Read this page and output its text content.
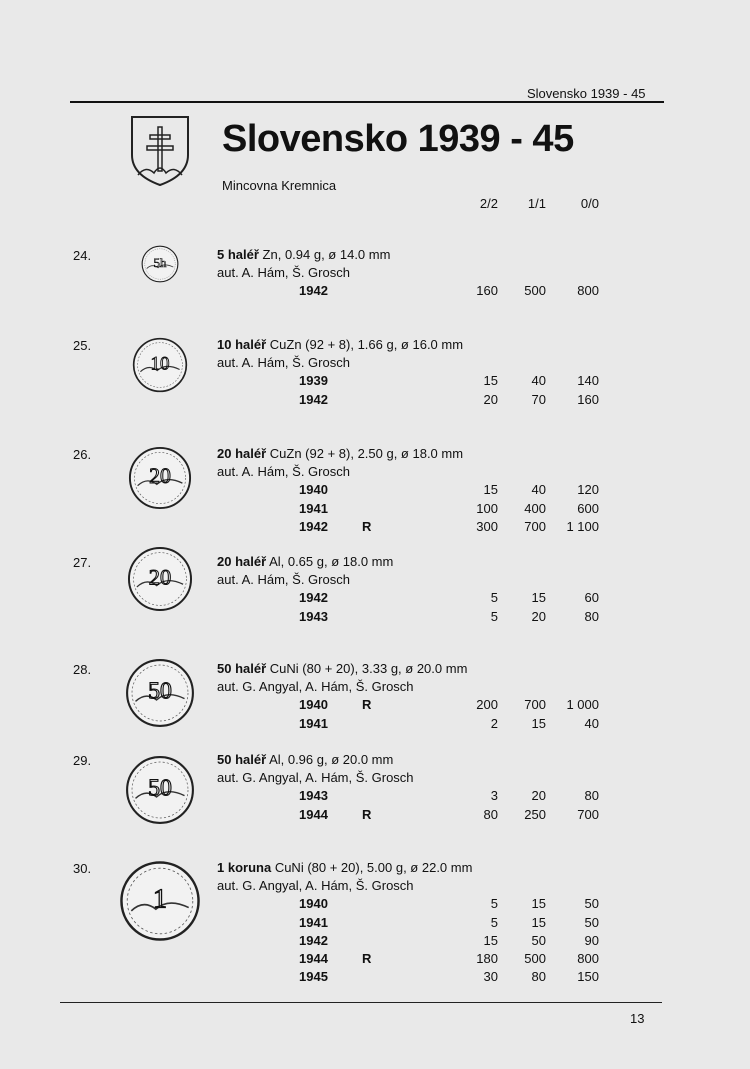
Slovensko 1939 - 45
Slovensko 1939 - 45
Mincovna Kremnica
2/2	1/1	0/0
24. 5h
5 haléř Zn, 0.94 g, ø 14.0 mm
aut. A. Hám, Š. Grosch
1942	160	500	800
25.
10
10 haléř CuZn (92 + 8), 1.66 g, ø 16.0 mm
aut. A. Hám, Š. Grosch
1939	15	40	140
1942	20	70	160
26.
20
20 haléř CuZn (92 + 8), 2.50 g, ø 18.0 mm
aut. A. Hám, Š. Grosch
1940	15	40	120
1941	100	400	600
1942	R	300	700	1 100
27.
20
20 haléř Al, 0.65 g, ø 18.0 mm
aut. A. Hám, Š. Grosch
1942	5	15	60
1943	5	20	80
28.
50
50 haléř CuNi (80 + 20), 3.33 g, ø 20.0 mm
aut. G. Angyal, A. Hám, Š. Grosch
1940	R	200	700	1 000
1941	2	15	40
29.
50
50 haléř Al, 0.96 g, ø 20.0 mm
aut. G. Angyal, A. Hám, Š. Grosch
1943	3	20	80
1944	R	80	250	700
30.
1
1 koruna CuNi (80 + 20), 5.00 g, ø 22.0 mm
aut. G. Angyal, A. Hám, Š. Grosch
1940	5	15	50
1941	5	15	50
1942	15	50	90
1944	R	180	500	800
1945	30	80	150
13
